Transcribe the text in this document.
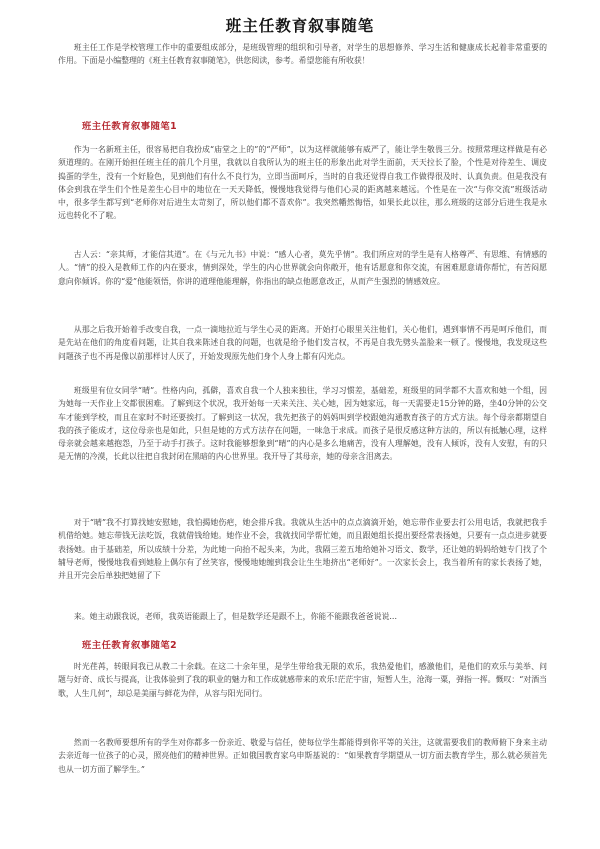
班主任教育叙事随笔

班主任工作是学校管理工作中的重要组成部分，是班级管理的组织和引导者，对学生的思想修养、学习生活和健康成长起着非常重要的作用。下面是小编整理的《班主任教育叙事随笔》，供您阅读，参考。希望您能有所收获！

班主任教育叙事随笔1

作为一名新班主任，很容易把自我扮成“庙堂之上的”的“严师”，以为这样就能够有威严了，能让学生敬畏三分。按照常理这样做是有必须道理的。在刚开始担任班主任的前几个月里，我就以自我所认为的班主任的形象出此对学生面前，天天拉长了脸，个性是对待差生、调皮捣蛋的学生，没有一个好脸色，见到他们有什么不良行为，立即当面呵斥，当时的自我还觉得自我工作做得很及时、认真负责。但是我没有体会到我在学生们个性是差生心目中的地位在一天天降低，慢慢地我觉得与他们心灵的距离越来越远。个性是在一次“与你交流”班级活动中，很多学生都写到“老师你对后进生太苛刻了，所以他们都不喜欢你”。我突然幡然悔悟，如果长此以往，那么班级的这部分后进生我是永远也转化不了啦。

古人云：“亲其师，才能信其道”。在《与元九书》中说：“感人心者，莫先乎情”。我们所应对的学生是有人格尊严、有思维、有情感的人。“情”的投入是教师工作的内在要求，情到深处，学生的内心世界就会向你敞开，他有话愿意和你交流，有困难愿意请你帮忙，有苦闷愿意向你倾诉。你的“爱”他能领悟，你讲的道理他能理解，你指出的缺点他愿意改正，从而产生强烈的情感效应。

从那之后我开始着手改变自我，一点一滴地拉近与学生心灵的距离。开始打心眼里关注他们，关心他们，遇到事情不再是呵斥他们，而是先站在他们的角度看问题，让其自我来陈述自我的问题，也就是给予他们发言权，不再是自我先劈头盖脸来一顿了。慢慢地，我发现这些问题孩子也不再是像以前那样讨人厌了，开始发现原先他们身个人身上都有闪光点。

班级里有位女同学“晴”。性格内向，孤僻，喜欢自我一个人独来独往，学习习惯差，基础差，班级里的同学都不大喜欢和她一个组，因为她每一天作业上交都很困难。了解到这个状况，我开始每一天来关注、关心她，因为她家远，每一天需要走15分钟的路，坐40分钟的公交车才能到学校，而且在家时不时还要挨打。了解到这一状况，我先把孩子的妈妈叫到学校跟她沟通教育孩子的方式方法。每个母亲都期望自我的孩子能成才，这位母亲也是如此，只但是她的方式方法存在问题，一味急于求成。而孩子是很反感这种方法的，所以有抵触心理，这样母亲就会越来越抱怨，乃至于动手打孩子。这时我能够想象到“晴”的内心是多么地痛苦，没有人理解她，没有人倾诉，没有人安慰，有的只是无情的冷漠，长此以往把自我封闭在黑暗的内心世界里。我开导了其母亲，她的母亲含泪离去。

对于“晴”我不打算找她安慰她，我怕揭她伤疤，她会排斥我。我就从生活中的点点滴滴开始，她忘带作业要去打公用电话，我就把我手机借给她。她忘带钱无法吃饭，我就借钱给她。她作业不会，我就找同学帮忙她，而且跟她组长提出要经常表扬她，只要有一点点进步就要表扬她。由于基础差，所以成绩十分差，为此她一向抬不起头来，为此，我隔三差五地给她补习语文、数学，还让她的妈妈给她专门找了个辅导老师，慢慢地我看到她脸上偶尔有了丝笑容，慢慢地她缠到我会让生生地挤出“老师好”。一次家长会上，我当着所有的家长表扬了她，并且开完会后单独把她留了下

来。她主动跟我说，老师，我英语能跟上了，但是数学还是跟不上，你能不能跟我爸爸说说...

班主任教育叙事随笔2

时光荏苒，转眼间我已从教二十余载。在这二十余年里，是学生带给我无限的欢乐，我热爱他们，感激他们，是他们的欢乐与美举、问题与好奇、成长与提高，让我体验到了我的职业的魅力和工作成就感带来的欢乐!茫茫宇宙，短暂人生，沧海一粟，弹指一挥。慨叹：“对酒当歌，人生几何”，却总是美丽与鲜花为伴，从容与阳光同行。

然而一名教师要想所有的学生对你都多一份亲近、敬爱与信任，使每位学生都能得到你平等的关注，这就需要我们的教师俯下身来主动去亲近每一位孩子的心灵，照亮他们的精神世界。正如俄国教育家乌申斯基说的：“如果教育学期望从一切方面去教育学生，那么就必须首先也从一切方面了解学生。”
